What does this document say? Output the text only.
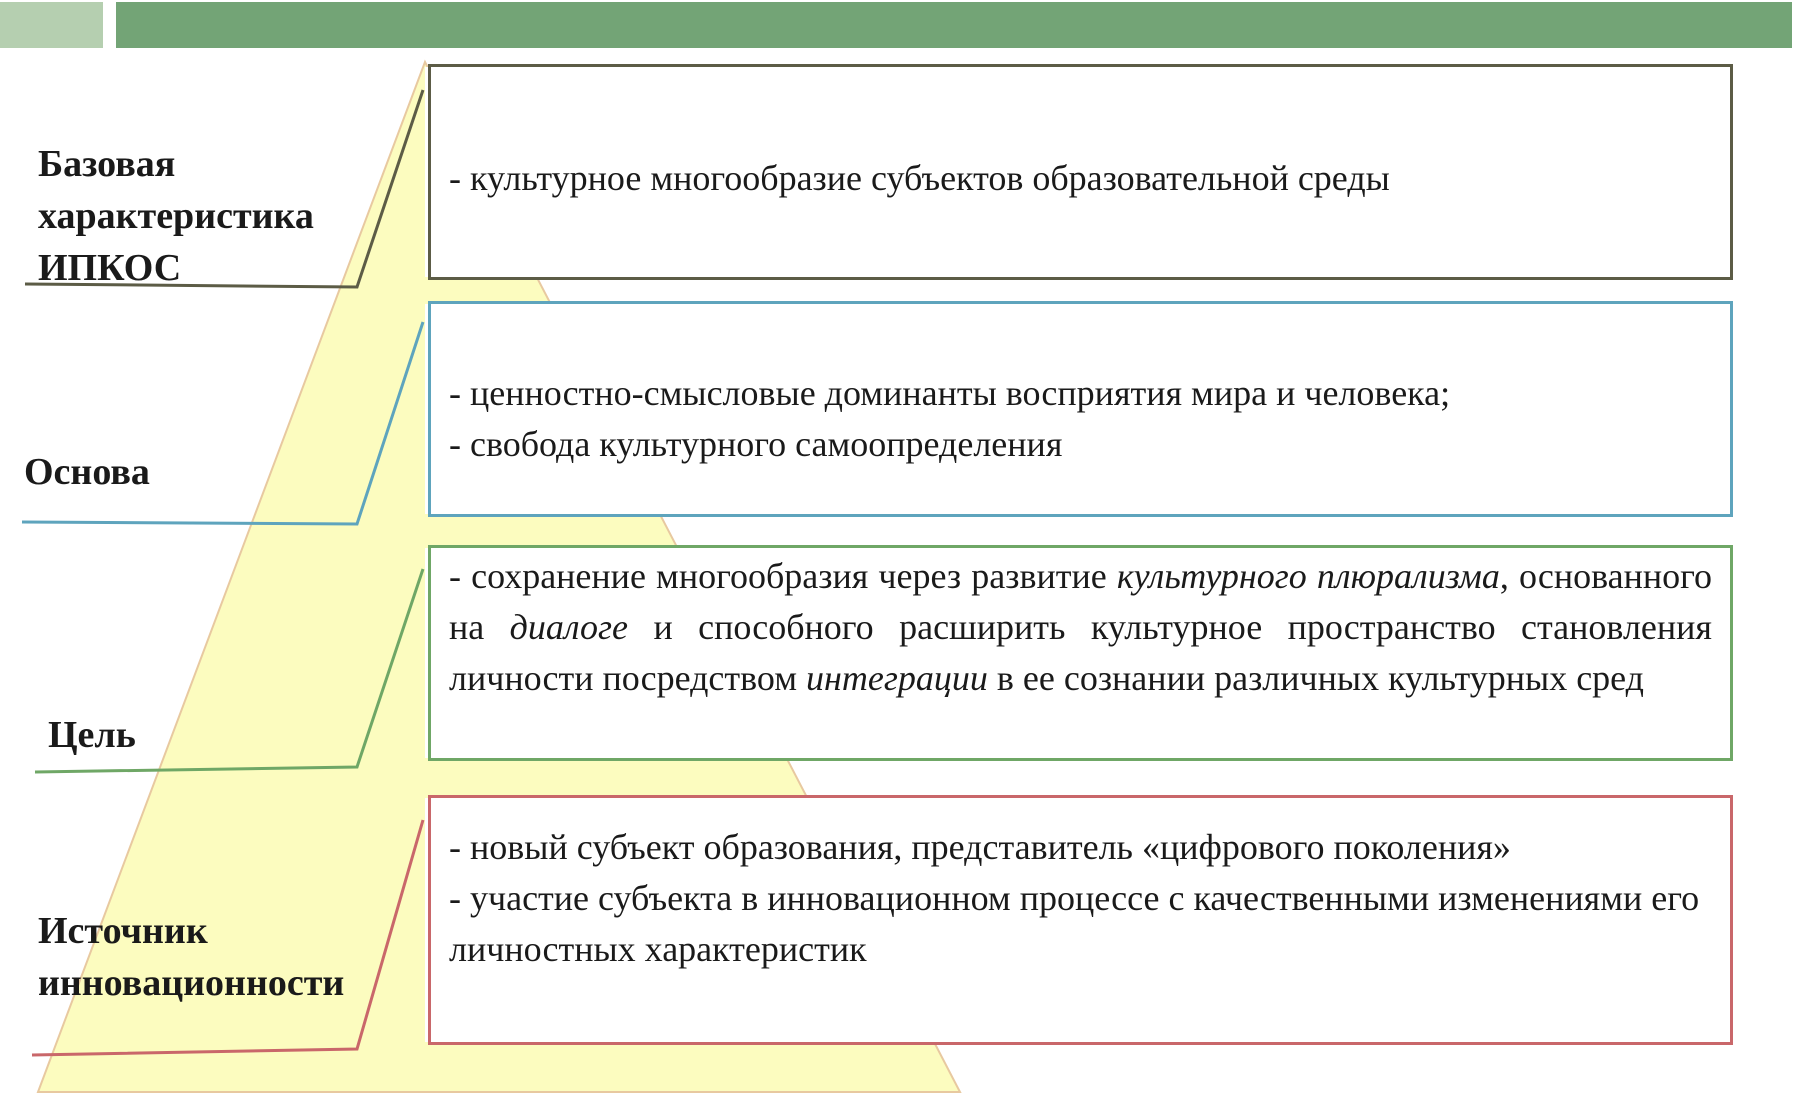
Базовая
характеристика
ИПКОС
Основа
Цель
Источник
инновационности

- культурное многообразие субъектов образовательной среды

- ценностно-смысловые доминанты восприятия мира и человека;

- свобода культурного самоопределения

- сохранение многообразия через развитие культурного плюрализма, основанного на диалоге и способного расширить культурное пространство становления личности посредством интеграции в ее сознании различных культурных сред

- новый субъект образования, представитель «цифрового поколения»

- участие субъекта в инновационном процессе с качественными изменениями его личностных характеристик
